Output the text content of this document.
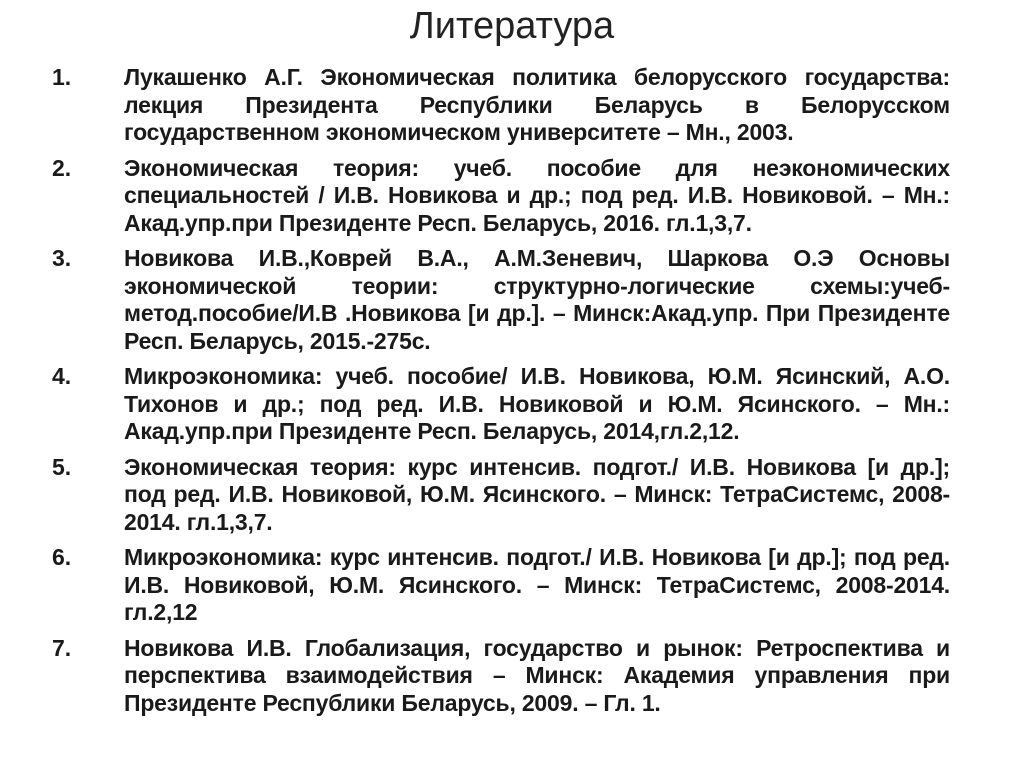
Литература
1.	Лукашенко А.Г. Экономическая политика белорусского государства: лекция Президента Республики Беларусь в Белорусском государственном экономическом университете – Мн., 2003.
2.	Экономическая теория: учеб. пособие для неэкономических специальностей / И.В. Новикова и др.; под ред. И.В. Новиковой. – Мн.: Акад.упр.при Президенте Респ. Беларусь, 2016. гл.1,3,7.
3.	Новикова И.В.,Коврей В.А., А.М.Зеневич, Шаркова О.Э Основы экономической теории: структурно-логические схемы:учеб-метод.пособие/И.В .Новикова [и др.]. – Минск:Акад.упр. При Президенте Респ. Беларусь, 2015.-275с.
4.	Микроэкономика: учеб. пособие/ И.В. Новикова, Ю.М. Ясинский, А.О. Тихонов и др.; под ред. И.В. Новиковой и Ю.М. Ясинского. – Мн.: Акад.упр.при Президенте Респ. Беларусь, 2014,гл.2,12.
5.	Экономическая теория: курс интенсив. подгот./ И.В. Новикова [и др.]; под ред. И.В. Новиковой, Ю.М. Ясинского. – Минск: ТетраСистемс, 2008-2014. гл.1,3,7.
6.	Микроэкономика: курс интенсив. подгот./ И.В. Новикова [и др.]; под ред. И.В. Новиковой, Ю.М. Ясинского. – Минск: ТетраСистемс, 2008-2014. гл.2,12
7.	Новикова И.В. Глобализация, государство и рынок: Ретроспектива и перспектива взаимодействия – Минск: Академия управления при Президенте Республики Беларусь, 2009. – Гл. 1.
